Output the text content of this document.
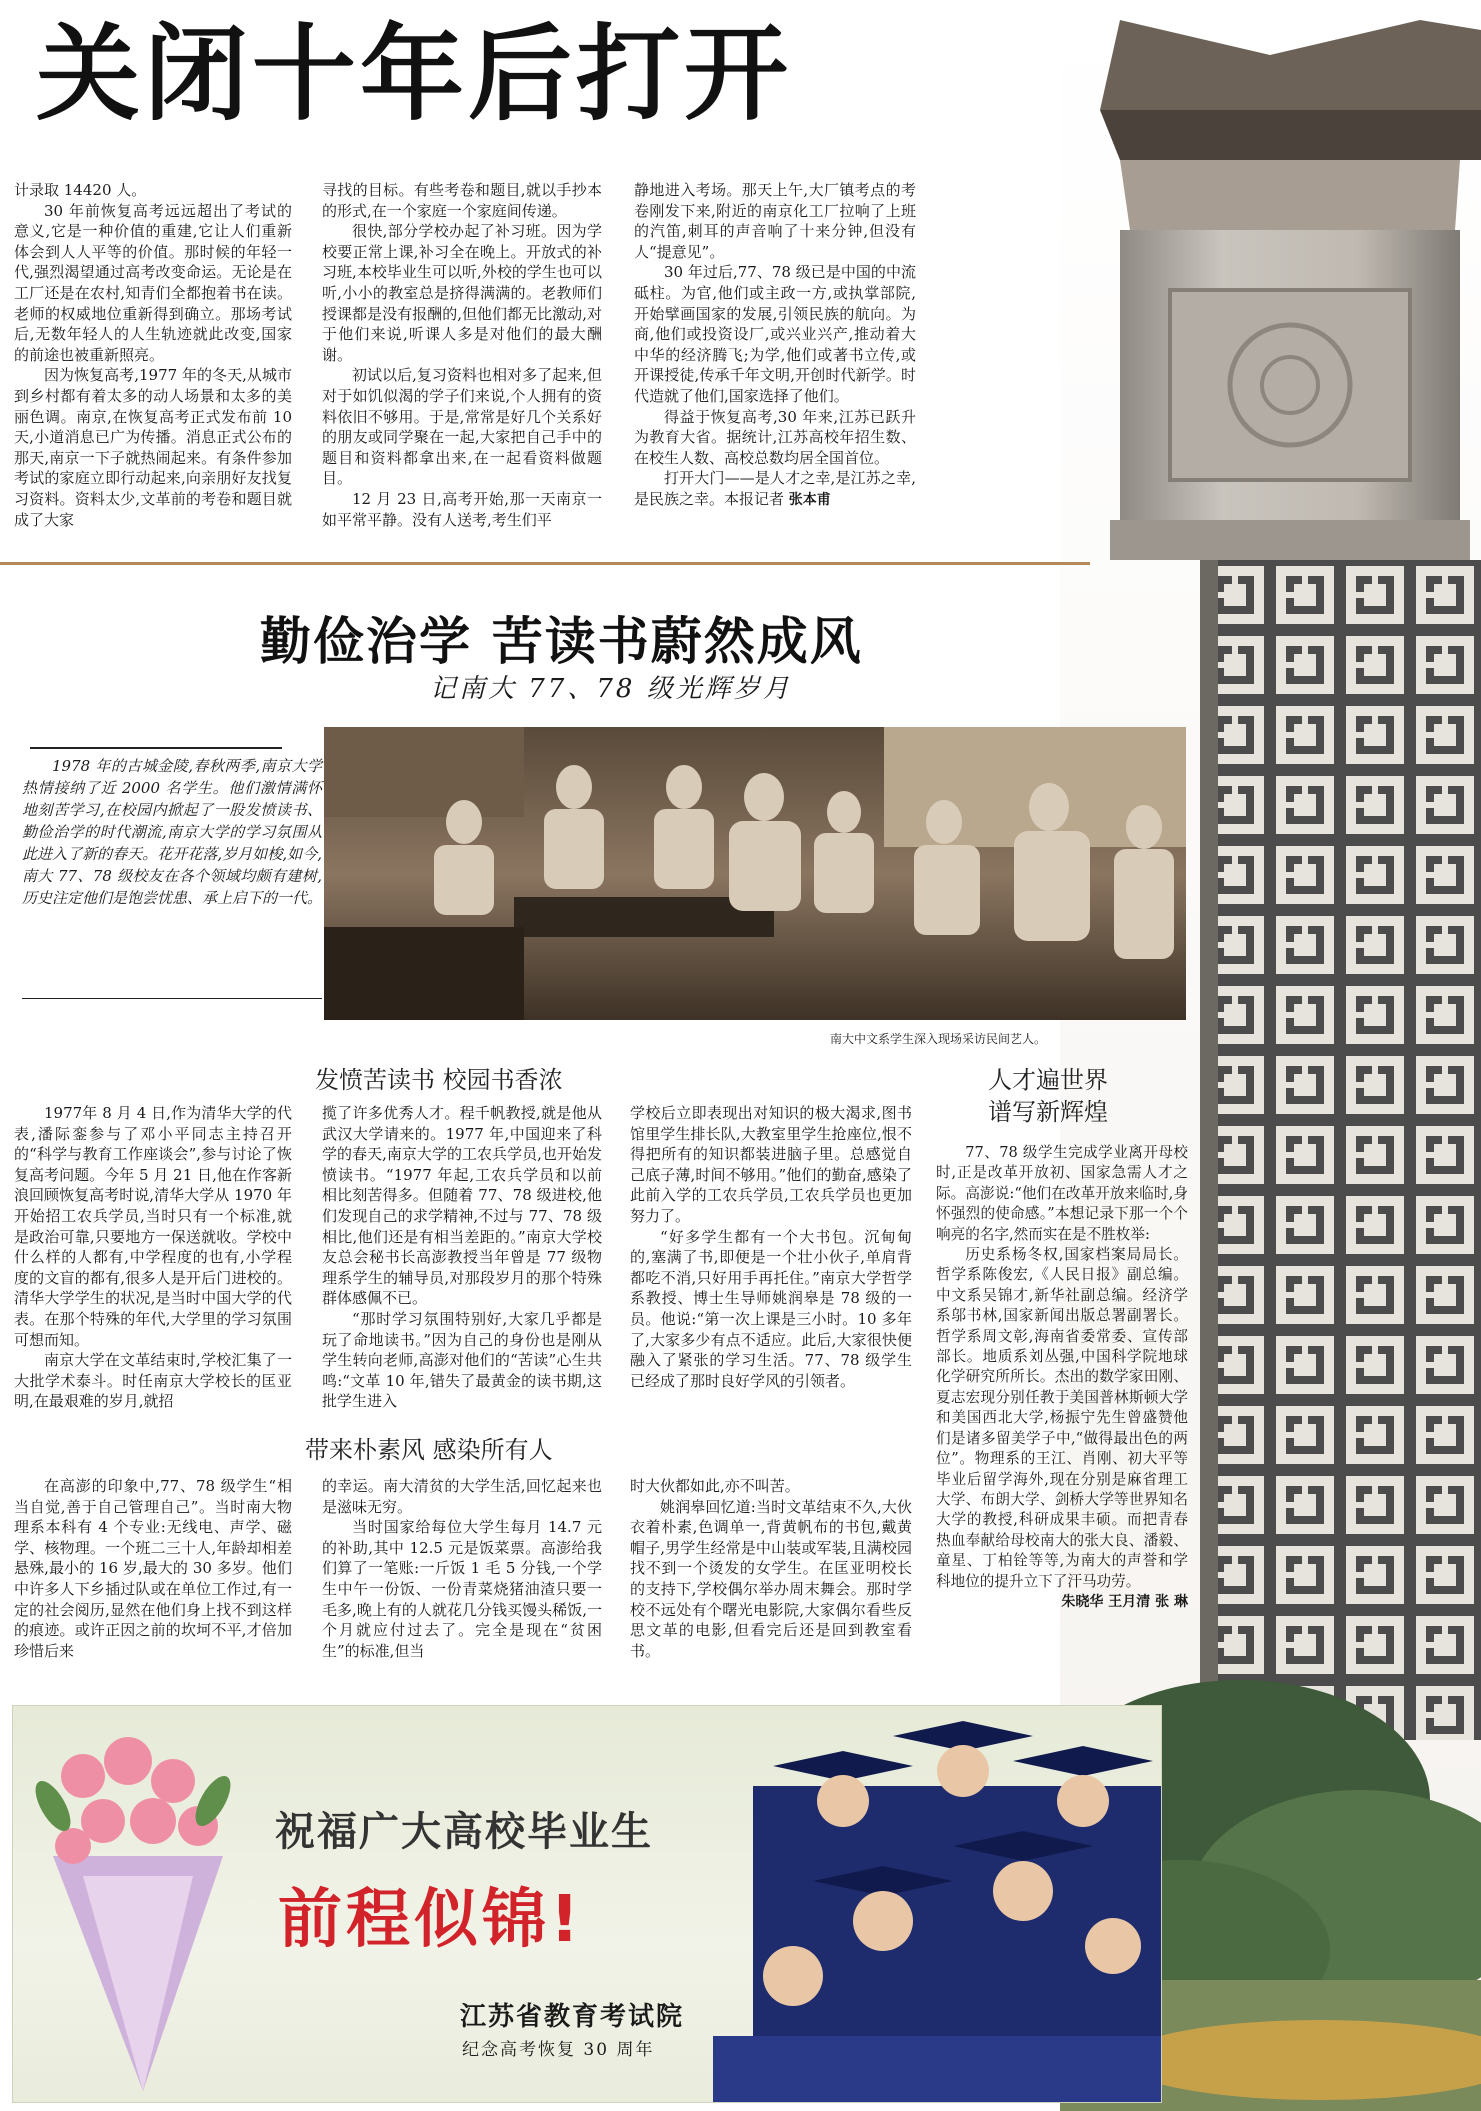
关闭十年后打开

计录取 14420 人。

30 年前恢复高考远远超出了考试的意义,它是一种价值的重建,它让人们重新体会到人人平等的价值。那时候的年轻一代,强烈渴望通过高考改变命运。无论是在工厂还是在农村,知青们全都抱着书在读。老师的权威地位重新得到确立。那场考试后,无数年轻人的人生轨迹就此改变,国家的前途也被重新照亮。

因为恢复高考,1977 年的冬天,从城市到乡村都有着太多的动人场景和太多的美丽色调。南京,在恢复高考正式发布前 10 天,小道消息已广为传播。消息正式公布的那天,南京一下子就热闹起来。有条件参加考试的家庭立即行动起来,向亲朋好友找复习资料。资料太少,文革前的考卷和题目就成了大家

寻找的目标。有些考卷和题目,就以手抄本的形式,在一个家庭一个家庭间传递。

很快,部分学校办起了补习班。因为学校要正常上课,补习全在晚上。开放式的补习班,本校毕业生可以听,外校的学生也可以听,小小的教室总是挤得满满的。老教师们授课都是没有报酬的,但他们都无比激动,对于他们来说,听课人多是对他们的最大酬谢。

初试以后,复习资料也相对多了起来,但对于如饥似渴的学子们来说,个人拥有的资料依旧不够用。于是,常常是好几个关系好的朋友或同学聚在一起,大家把自己手中的题目和资料都拿出来,在一起看资料做题目。

12 月 23 日,高考开始,那一天南京一如平常平静。没有人送考,考生们平

静地进入考场。那天上午,大厂镇考点的考卷刚发下来,附近的南京化工厂拉响了上班的汽笛,刺耳的声音响了十来分钟,但没有人“提意见”。

30 年过后,77、78 级已是中国的中流砥柱。为官,他们或主政一方,或执掌部院,开始擘画国家的发展,引领民族的航向。为商,他们或投资设厂,或兴业兴产,推动着大中华的经济腾飞;为学,他们或著书立传,或开课授徒,传承千年文明,开创时代新学。时代造就了他们,国家选择了他们。

得益于恢复高考,30 年来,江苏已跃升为教育大省。据统计,江苏高校年招生数、在校生人数、高校总数均居全国首位。

打开大门——是人才之幸,是江苏之幸,是民族之幸。本报记者 张本甫

勤俭治学 苦读书蔚然成风
记南大 77、78 级光辉岁月

1978 年的古城金陵,春秋两季,南京大学热情接纳了近 2000 名学生。他们激情满怀地刻苦学习,在校园内掀起了一股发愤读书、勤俭治学的时代潮流,南京大学的学习氛围从此进入了新的春天。花开花落,岁月如梭,如今,南大 77、78 级校友在各个领域均颇有建树,历史注定他们是饱尝忧患、承上启下的一代。

南大中文系学生深入现场采访民间艺人。
发愤苦读书 校园书香浓

1977年 8 月 4 日,作为清华大学的代表,潘际銮参与了邓小平同志主持召开的“科学与教育工作座谈会”,参与讨论了恢复高考问题。今年 5 月 21 日,他在作客新浪回顾恢复高考时说,清华大学从 1970 年开始招工农兵学员,当时只有一个标准,就是政治可靠,只要地方一保送就收。学校中什么样的人都有,中学程度的也有,小学程度的文盲的都有,很多人是开后门进校的。清华大学学生的状况,是当时中国大学的代表。在那个特殊的年代,大学里的学习氛围可想而知。

南京大学在文革结束时,学校汇集了一大批学术泰斗。时任南京大学校长的匡亚明,在最艰难的岁月,就招

揽了许多优秀人才。程千帆教授,就是他从武汉大学请来的。1977 年,中国迎来了科学的春天,南京大学的工农兵学员,也开始发愤读书。“1977 年起,工农兵学员和以前相比刻苦得多。但随着 77、78 级进校,他们发现自己的求学精神,不过与 77、78 级相比,他们还是有相当差距的。”南京大学校友总会秘书长高澎教授当年曾是 77 级物理系学生的辅导员,对那段岁月的那个特殊群体感佩不已。

“那时学习氛围特别好,大家几乎都是玩了命地读书。”因为自己的身份也是刚从学生转向老师,高澎对他们的“苦读”心生共鸣:“文革 10 年,错失了最黄金的读书期,这批学生进入

学校后立即表现出对知识的极大渴求,图书馆里学生排长队,大教室里学生抢座位,恨不得把所有的知识都装进脑子里。总感觉自己底子薄,时间不够用。”他们的勤奋,感染了此前入学的工农兵学员,工农兵学员也更加努力了。

“好多学生都有一个大书包。沉甸甸的,塞满了书,即便是一个壮小伙子,单肩背都吃不消,只好用手再托住。”南京大学哲学系教授、博士生导师姚润皋是 78 级的一员。他说:“第一次上课是三小时。10 多年了,大家多少有点不适应。此后,大家很快便融入了紧张的学习生活。77、78 级学生已经成了那时良好学风的引领者。

带来朴素风 感染所有人

在高澎的印象中,77、78 级学生“相当自觉,善于自己管理自己”。当时南大物理系本科有 4 个专业:无线电、声学、磁学、核物理。一个班二三十人,年龄却相差悬殊,最小的 16 岁,最大的 30 多岁。他们中许多人下乡插过队或在单位工作过,有一定的社会阅历,显然在他们身上找不到这样的痕迹。或许正因之前的坎坷不平,才倍加珍惜后来

的幸运。南大清贫的大学生活,回忆起来也是滋味无穷。

当时国家给每位大学生每月 14.7 元的补助,其中 12.5 元是饭菜票。高澎给我们算了一笔账:一斤饭 1 毛 5 分钱,一个学生中午一份饭、一份青菜烧猪油渣只要一毛多,晚上有的人就花几分钱买馒头稀饭,一个月就应付过去了。完全是现在“贫困生”的标准,但当

时大伙都如此,亦不叫苦。

姚润皋回忆道:当时文革结束不久,大伙衣着朴素,色调单一,背黄帆布的书包,戴黄帽子,男学生经常是中山装或军装,且满校园找不到一个烫发的女学生。在匡亚明校长的支持下,学校偶尔举办周末舞会。那时学校不远处有个曙光电影院,大家偶尔看些反思文革的电影,但看完后还是回到教室看书。

人才遍世界
谱写新辉煌

77、78 级学生完成学业离开母校时,正是改革开放初、国家急需人才之际。高澎说:“他们在改革开放来临时,身怀强烈的使命感。”本想记录下那一个个响亮的名字,然而实在是不胜枚举:

历史系杨冬权,国家档案局局长。哲学系陈俊宏,《人民日报》副总编。中文系吴锦才,新华社副总编。经济学系邬书林,国家新闻出版总署副署长。哲学系周文彰,海南省委常委、宣传部部长。地质系刘丛强,中国科学院地球化学研究所所长。杰出的数学家田刚、夏志宏现分别任教于美国普林斯顿大学和美国西北大学,杨振宁先生曾盛赞他们是诸多留美学子中,“做得最出色的两位”。物理系的王江、肖刚、初大平等毕业后留学海外,现在分别是麻省理工大学、布朗大学、剑桥大学等世界知名大学的教授,科研成果丰硕。而把青春热血奉献给母校南大的张大良、潘毅、童星、丁柏铨等等,为南大的声誉和学科地位的提升立下了汗马功劳。

朱晓华 王月清 张 琳

祝福广大高校毕业生
前程似锦!
江苏省教育考试院
纪念高考恢复 30 周年
